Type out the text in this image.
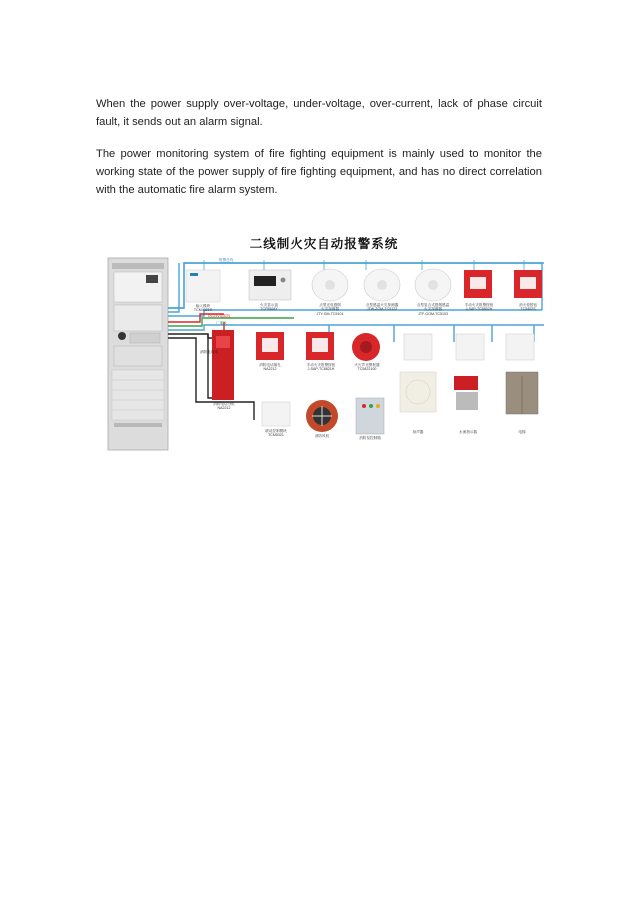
When the power supply over-voltage, under-voltage, over-current, lack of phase circuit fault, it sends out an alarm signal.

The power monitoring system of fire fighting equipment is mainly used to monitor the working state of the power supply of fire fighting equipment, and has no direct correlation with the automatic fire alarm system.

二线制火灾自动报警系统
输入模块
TCM4321S
火灾显示盘
TCF5508Y
点型光电感烟
火灾探测器
JTY-GM-TC5101
点型感温火灾探测器
JTW-ZOM-TC5122
点型复合式感烟感温
火灾探测器
JTF-GOM-TC5103
手动火灾报警按钮
J-SAP-TC8802H
消火栓按钮
TC5452S
消防电话插孔
NA2212
手动火灾报警按钮
J-SAP-TC8821H
火灾声光警报器
TC5822100
消防电话分机
NA2212
联动控制模块
TCM5321	消防风机	消防泵控制箱
扬声器	水流指示器	电梯
报警总线
DC24V电源线
广播线
消防电话线
